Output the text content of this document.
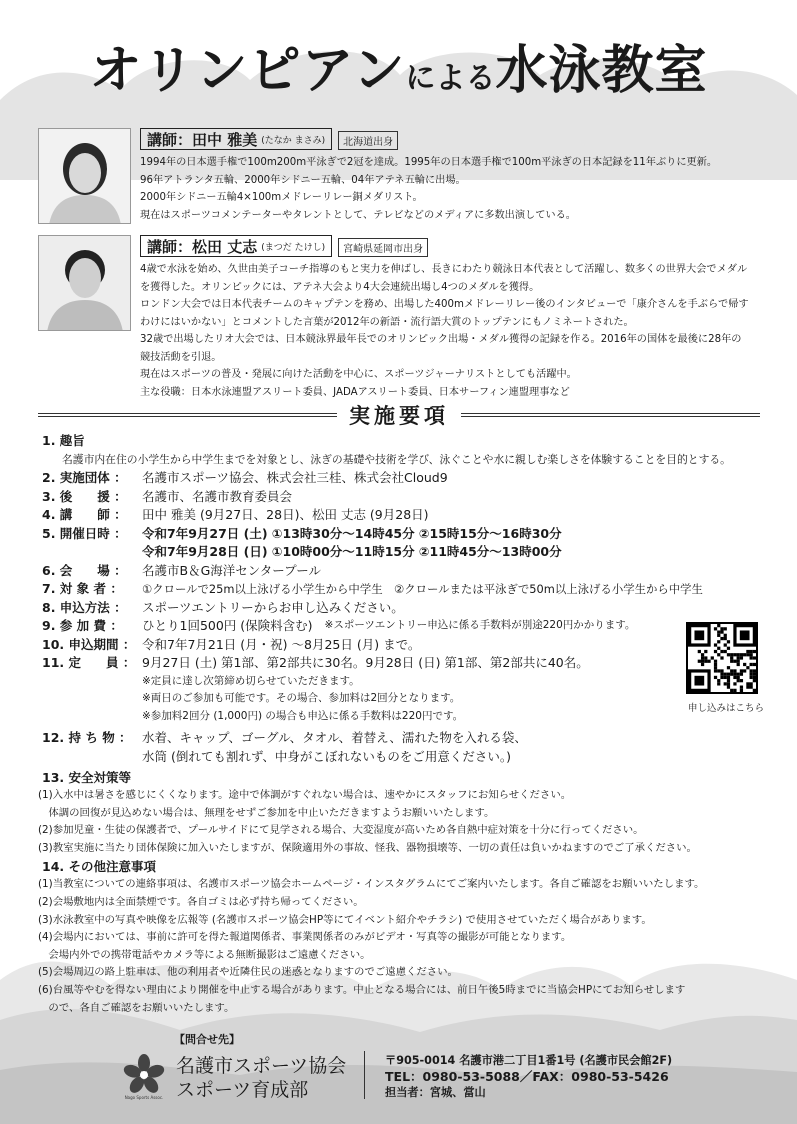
オリンピアンによる水泳教室
講師：田中 雅美 (たなか まさみ)	北海道出身
1994年の日本選手権で100m200m平泳ぎで2冠を達成。1995年の日本選手権で100m平泳ぎの日本記録を11年ぶりに更新。
96年アトランタ五輪、2000年シドニー五輪、04年アテネ五輪に出場。
2000年シドニー五輪4×100mメドレーリレー銅メダリスト。
現在はスポーツコメンテーターやタレントとして、テレビなどのメディアに多数出演している。
講師：松田 丈志 (まつだ たけし)	宮崎県延岡市出身
4歳で水泳を始め、久世由美子コーチ指導のもと実力を伸ばし、長きにわたり競泳日本代表として活躍し、数多くの世界大会でメダル
を獲得した。オリンピックには、アテネ大会より4大会連続出場し4つのメダルを獲得。
ロンドン大会では日本代表チームのキャプテンを務め、出場した400mメドレーリレー後のインタビューで「康介さんを手ぶらで帰す
わけにはいかない」とコメントした言葉が2012年の新語・流行語大賞のトップテンにもノミネートされた。
32歳で出場したリオ大会では、日本競泳界最年長でのオリンピック出場・メダル獲得の記録を作る。2016年の国体を最後に28年の
競技活動を引退。
現在はスポーツの普及・発展に向けた活動を中心に、スポーツジャーナリストとしても活躍中。
主な役職：日本水泳連盟アスリート委員、JADAアスリート委員、日本サーフィン連盟理事など
実施要項
1. 趣旨
名護市内在住の小学生から中学生までを対象とし、泳ぎの基礎や技術を学び、泳ぐことや水に親しむ楽しさを体験することを目的とする。
2. 実施団体 ：	名護市スポーツ協会、株式会社三桂、株式会社Cloud9
3. 後　　援 ：	名護市、名護市教育委員会
4. 講　　師 ：	田中 雅美 (9月27日、28日)、松田 丈志 (9月28日)
5. 開催日時 ：	令和7年9月27日 (土) ①13時30分～14時45分 ②15時15分～16時30分
令和7年9月28日 (日) ①10時00分～11時15分 ②11時45分～13時00分
6. 会　　場 ：	名護市B＆G海洋センタープール
7. 対 象 者 ：	①クロールで25m以上泳げる小学生から中学生　②クロールまたは平泳ぎで50m以上泳げる小学生から中学生
8. 申込方法 ：	スポーツエントリーからお申し込みください。
9. 参 加 費 ：	ひとり1回500円 (保険料含む) ※スポーツエントリー申込に係る手数料が別途220円かかります。
10. 申込期間 ： 令和7年7月21日 (月・祝) ～8月25日 (月) まで。
11. 定　　員 ： 9月27日 (土) 第1部、第2部共に30名。9月28日 (日) 第1部、第2部共に40名。
※定員に達し次第締め切らせていただきます。
※両日のご参加も可能です。その場合、参加料は2回分となります。
※参加料2回分 (1,000円) の場合も申込に係る手数料は220円です。
12. 持 ち 物 ： 水着、キャップ、ゴーグル、タオル、着替え、濡れた物を入れる袋、
水筒 (倒れても割れず、中身がこぼれないものをご用意ください。)
申し込みはこちら
13. 安全対策等
(1)入水中は暑さを感じにくくなります。途中で体調がすぐれない場合は、速やかにスタッフにお知らせください。
　体調の回復が見込めない場合は、無理をせずご参加を中止いただきますようお願いいたします。
(2)参加児童・生徒の保護者で、プールサイドにて見学される場合、大変湿度が高いため各自熱中症対策を十分に行ってください。
(3)教室実施に当たり団体保険に加入いたしますが、保険適用外の事故、怪我、器物損壊等、一切の責任は負いかねますのでご了承ください。
14. その他注意事項
(1)当教室についての連絡事項は、名護市スポーツ協会ホームページ・インスタグラムにてご案内いたします。各自ご確認をお願いいたします。
(2)会場敷地内は全面禁煙です。各自ゴミは必ず持ち帰ってください。
(3)水泳教室中の写真や映像を広報等 (名護市スポーツ協会HP等にてイベント紹介やチラシ) で使用させていただく場合があります。
(4)会場内においては、事前に許可を得た報道関係者、事業関係者のみがビデオ・写真等の撮影が可能となります。
　会場内外での携帯電話やカメラ等による無断撮影はご遠慮ください。
(5)会場周辺の路上駐車は、他の利用者や近隣住民の迷惑となりますのでご遠慮ください。
(6)台風等やむを得ない理由により開催を中止する場合があります。中止となる場合には、前日午後5時までに当協会HPにてお知らせします
　ので、各自ご確認をお願いいたします。
【問合せ先】
Nago Sports Assoc.
名護市スポーツ協会
スポーツ育成部
〒905-0014 名護市港二丁目1番1号 (名護市民会館2F)
TEL：0980-53-5088／FAX：0980-53-5426
担当者：宮城、當山
